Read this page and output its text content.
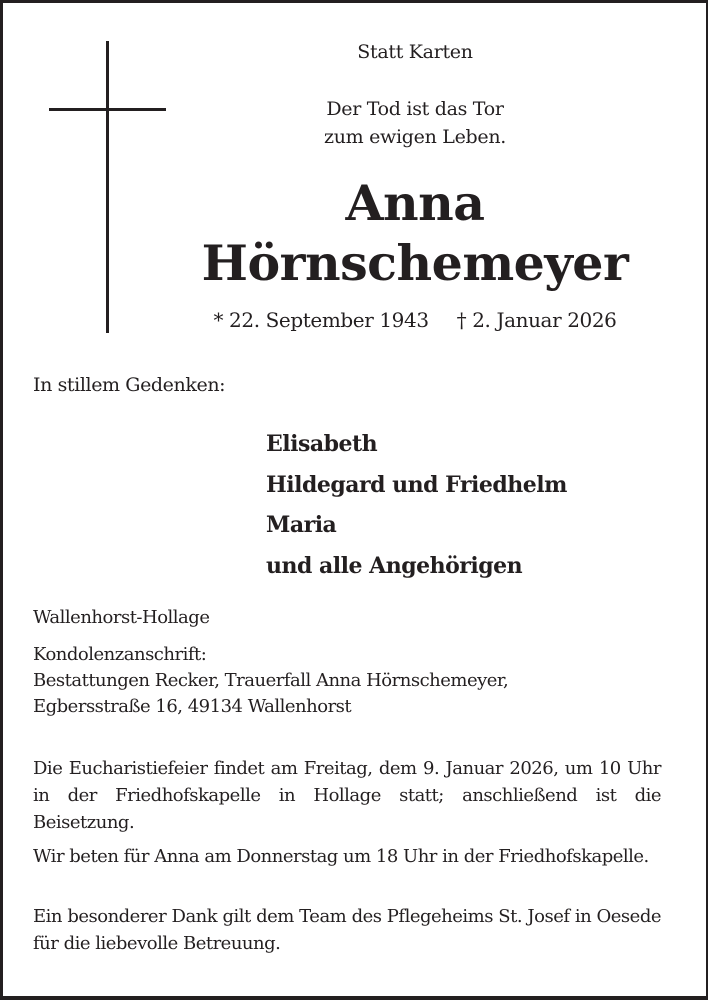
Statt Karten
Der Tod ist das Tor
zum ewigen Leben.
Anna
Hörnschemeyer
* 22. September 1943 † 2. Januar 2026
In stillem Gedenken:
Elisabeth
Hildegard und Friedhelm
Maria
und alle Angehörigen
Wallenhorst-Hollage
Kondolenzanschrift:
Bestattungen Recker, Trauerfall Anna Hörnschemeyer,
Egbersstraße 16, 49134 Wallenhorst
Die Eucharistiefeier findet am Freitag, dem 9. Januar 2026, um 10 Uhr in der Friedhofskapelle in Hollage statt; anschließend ist die Beisetzung.
Wir beten für Anna am Donnerstag um 18 Uhr in der Friedhofskapelle.
Ein besonderer Dank gilt dem Team des Pflegeheims St. Josef in Oesede für die liebevolle Betreuung.
